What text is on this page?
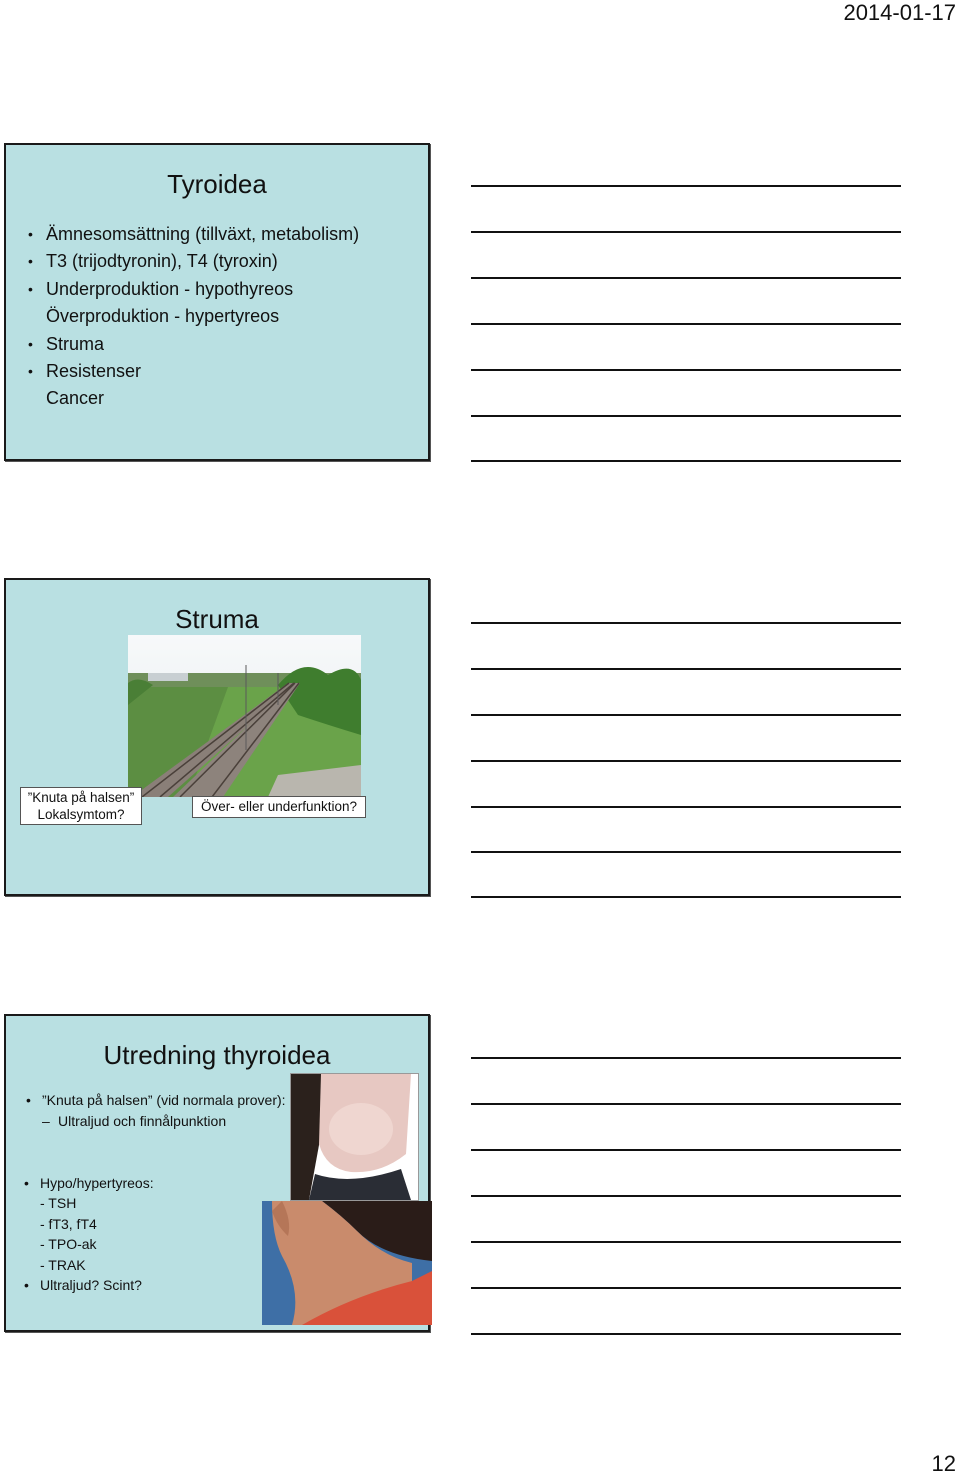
2014-01-17
Tyroidea
• Ämnesomsättning (tillväxt, metabolism)
• T3 (trijodtyronin), T4 (tyroxin)
• Underproduktion - hypothyreos
Överproduktion - hypertyreos
• Struma
• Resistenser
Cancer
Struma
”Knuta på halsen”
Lokalsymtom?
Över- eller underfunktion?
Utredning thyroidea
• ”Knuta på halsen” (vid normala prover):
– Ultraljud och finnålpunktion
• Hypo/hypertyreos:
- TSH
- fT3, fT4
- TPO-ak
- TRAK
• Ultraljud? Scint?
12
